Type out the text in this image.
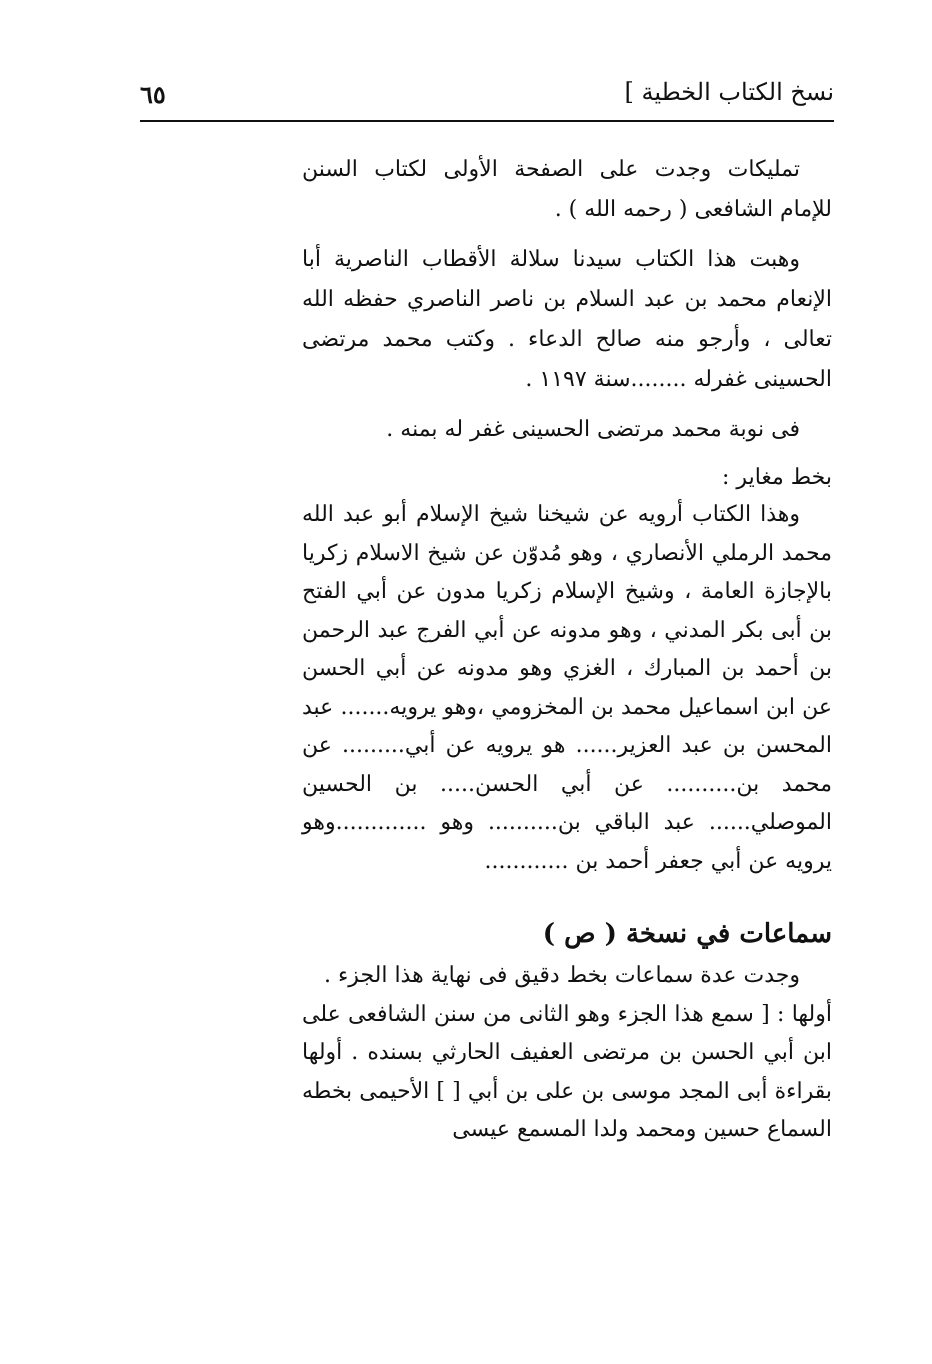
نسخ الكتاب الخطية ]
٦٥

تمليكات وجدت على الصفحة الأولى لكتاب السنن للإمام الشافعى ( رحمه الله ) .

وهبت هذا الكتاب سيدنا سلالة الأقطاب الناصرية أبا الإنعام محمد بن عبد السلام بن ناصر الناصري حفظه الله تعالى ، وأرجو منه صالح الدعاء . وكتب محمد مرتضى الحسينى غفرله ........سنة ١١٩٧ .

فى نوبة محمد مرتضى الحسينى غفر له بمنه .

بخط مغاير :

وهذا الكتاب أرويه عن شيخنا شيخ الإسلام أبو عبد الله محمد الرملي الأنصاري ، وهو مُدوّن عن شيخ الاسلام زكريا بالإجازة العامة ، وشيخ الإسلام زكريا مدون عن أبي الفتح بن أبى بكر المدني ، وهو مدونه عن أبي الفرج عبد الرحمن بن أحمد بن المبارك ، الغزي وهو مدونه عن أبي الحسن عن ابن اسماعيل محمد بن المخزومي ،وهو يرويه....... عبد المحسن بن عبد العزير...... هو يرويه عن أبي......... عن محمد بن.......... عن أبي الحسن..... بن الحسين الموصلي...... عبد الباقي بن.......... وهو .............وهو يرويه عن أبي جعفر أحمد بن ............

سماعات في نسخة ( ص )

وجدت عدة سماعات بخط دقيق فى نهاية هذا الجزء .

أولها : [ سمع هذا الجزء وهو الثانى من سنن الشافعى على ابن أبي الحسن بن مرتضى العفيف الحارثي بسنده . أولها بقراءة أبى المجد موسى بن على بن أبي [ ] الأحيمى بخطه السماع حسين ومحمد ولدا المسمع عيسى
